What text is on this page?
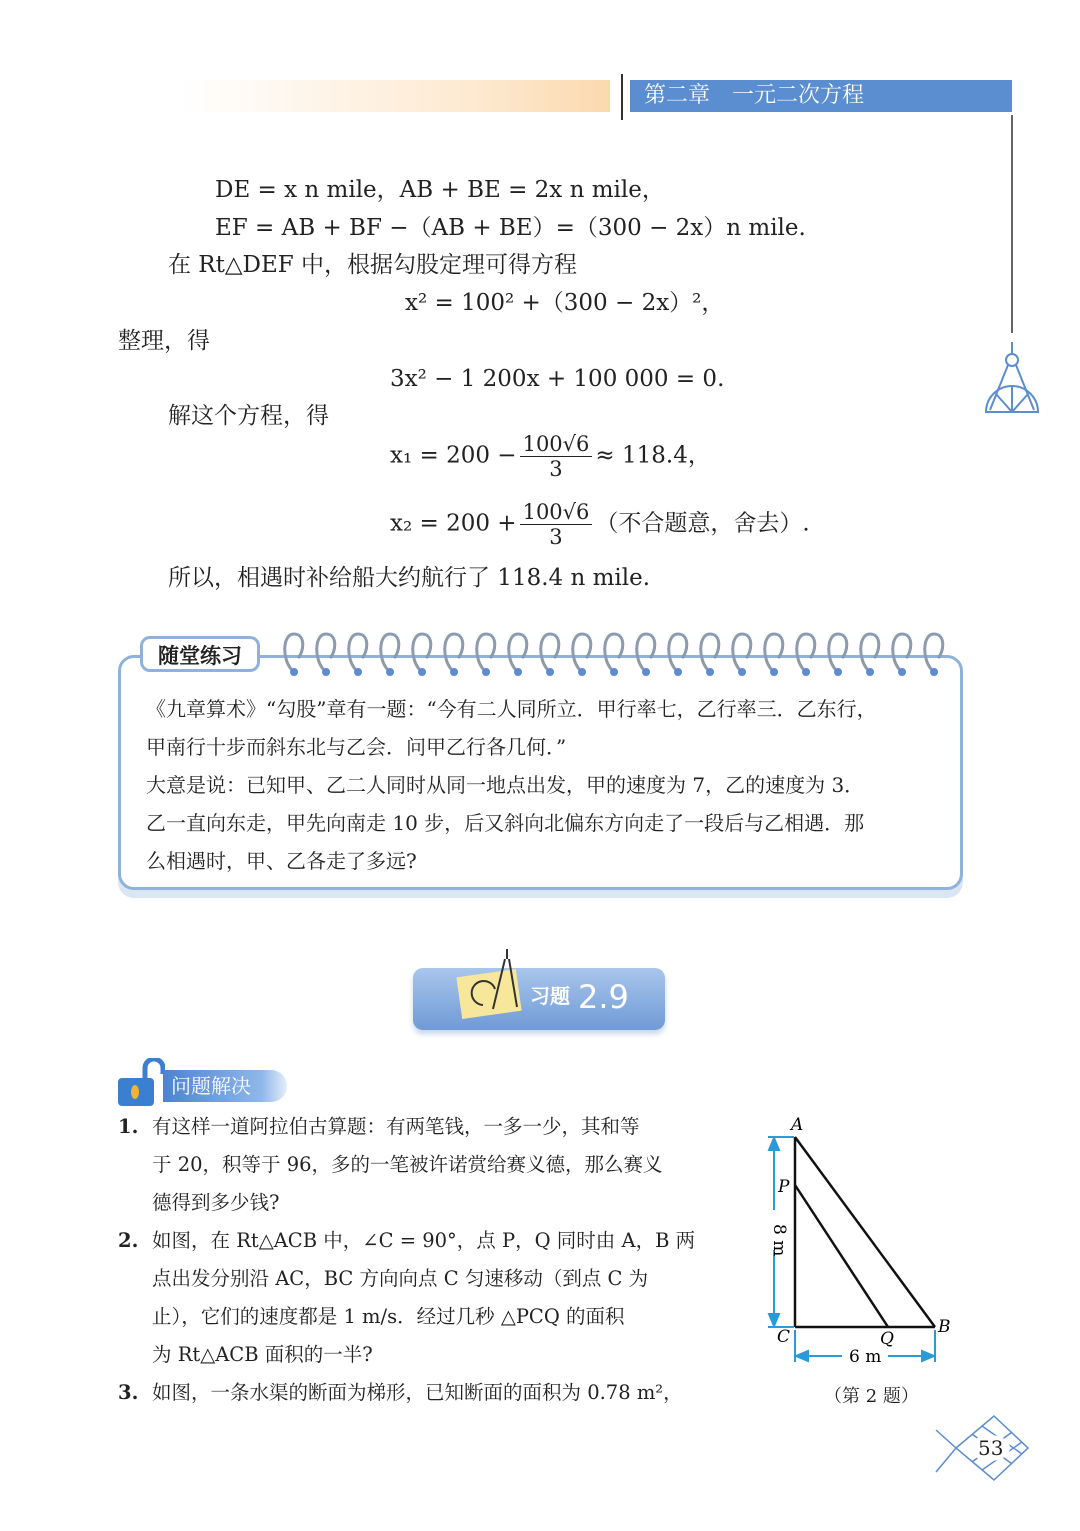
第二章　一元二次方程
DE = x n mile，AB + BE = 2x n mile，
EF = AB + BF −（AB + BE）=（300 − 2x）n mile.
在 Rt△DEF 中，根据勾股定理可得方程
x² = 100² +（300 − 2x）²，
整理，得
3x² − 1 200x + 100 000 = 0.
解这个方程，得
$x_1 = 200 - \frac{100√6}{3} \approx 118.4$，
$x_2 = 200 + \frac{100√6}{3}$ （不合题意，舍去）.
所以，相遇时补给船大约航行了 118.4 n mile.
随堂练习
《九章算术》“勾股”章有一题：“今有二人同所立．甲行率七，乙行率三．乙东行，
甲南行十步而斜东北与乙会．问甲乙行各几何．”
大意是说：已知甲、乙二人同时从同一地点出发，甲的速度为 7，乙的速度为 3．
乙一直向东走，甲先向南走 10 步，后又斜向北偏东方向走了一段后与乙相遇．那
么相遇时，甲、乙各走了多远?
习题 2.9
问题解决
1. 有这样一道阿拉伯古算题：有两笔钱，一多一少，其和等
于 20，积等于 96，多的一笔被许诺赏给赛义德，那么赛义
德得到多少钱?
2. 如图，在 Rt△ACB 中，∠C = 90°，点 P，Q 同时由 A，B 两
点出发分别沿 AC，BC 方向向点 C 匀速移动（到点 C 为
止），它们的速度都是 1 m/s．经过几秒 △PCQ 的面积
为 Rt△ACB 面积的一半?
3. 如图，一条水渠的断面为梯形，已知断面的面积为 0.78 m²，
A
P
C	Q
B
8 m
6 m
（第 2 题）
53
